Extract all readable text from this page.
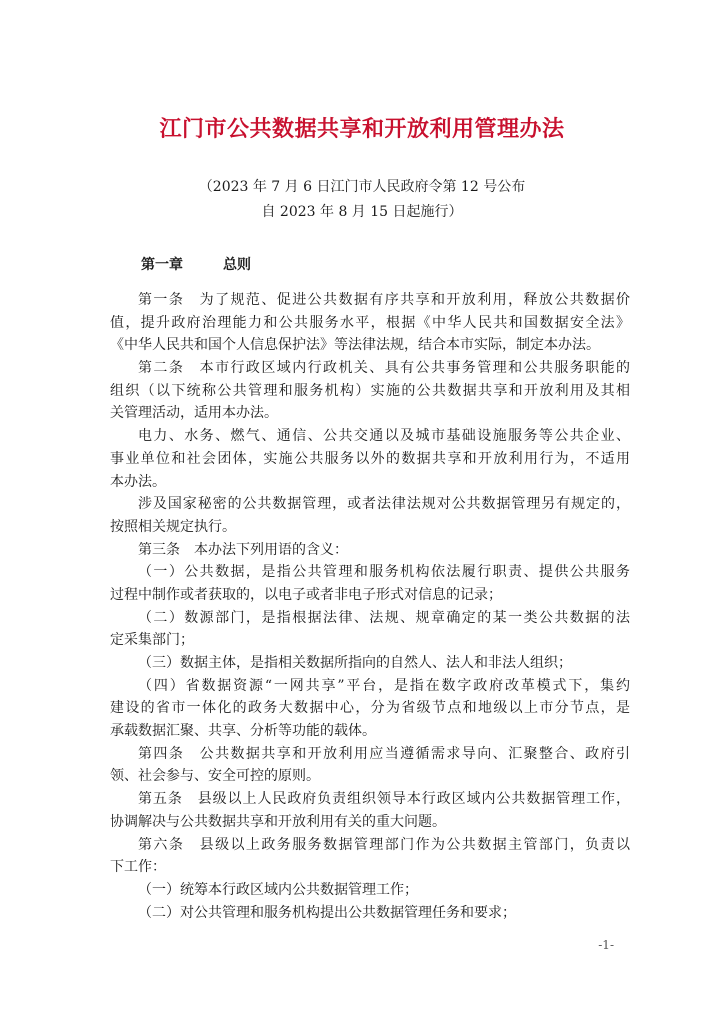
江门市公共数据共享和开放利用管理办法

（2023 年 7 月 6 日江门市人民政府令第 12 号公布

自 2023 年 8 月 15 日起施行）

第一章	总则

第一条　为了规范、促进公共数据有序共享和开放利用，释放公共数据价
值，提升政府治理能力和公共服务水平，根据《中华人民共和国数据安全法》
《中华人民共和国个人信息保护法》等法律法规，结合本市实际，制定本办法。
第二条　本市行政区域内行政机关、具有公共事务管理和公共服务职能的
组织（以下统称公共管理和服务机构）实施的公共数据共享和开放利用及其相
关管理活动，适用本办法。
电力、水务、燃气、通信、公共交通以及城市基础设施服务等公共企业、
事业单位和社会团体，实施公共服务以外的数据共享和开放利用行为，不适用
本办法。
涉及国家秘密的公共数据管理，或者法律法规对公共数据管理另有规定的，
按照相关规定执行。
第三条　本办法下列用语的含义：
（一）公共数据，是指公共管理和服务机构依法履行职责、提供公共服务
过程中制作或者获取的，以电子或者非电子形式对信息的记录；
（二）数源部门，是指根据法律、法规、规章确定的某一类公共数据的法
定采集部门；
（三）数据主体，是指相关数据所指向的自然人、法人和非法人组织；
（四）省数据资源“一网共享”平台，是指在数字政府改革模式下，集约
建设的省市一体化的政务大数据中心，分为省级节点和地级以上市分节点，是
承载数据汇聚、共享、分析等功能的载体。
第四条　公共数据共享和开放利用应当遵循需求导向、汇聚整合、政府引
领、社会参与、安全可控的原则。
第五条　县级以上人民政府负责组织领导本行政区域内公共数据管理工作，
协调解决与公共数据共享和开放利用有关的重大问题。
第六条　县级以上政务服务数据管理部门作为公共数据主管部门，负责以
下工作：
（一）统筹本行政区域内公共数据管理工作；
（二）对公共管理和服务机构提出公共数据管理任务和要求；
-1-
